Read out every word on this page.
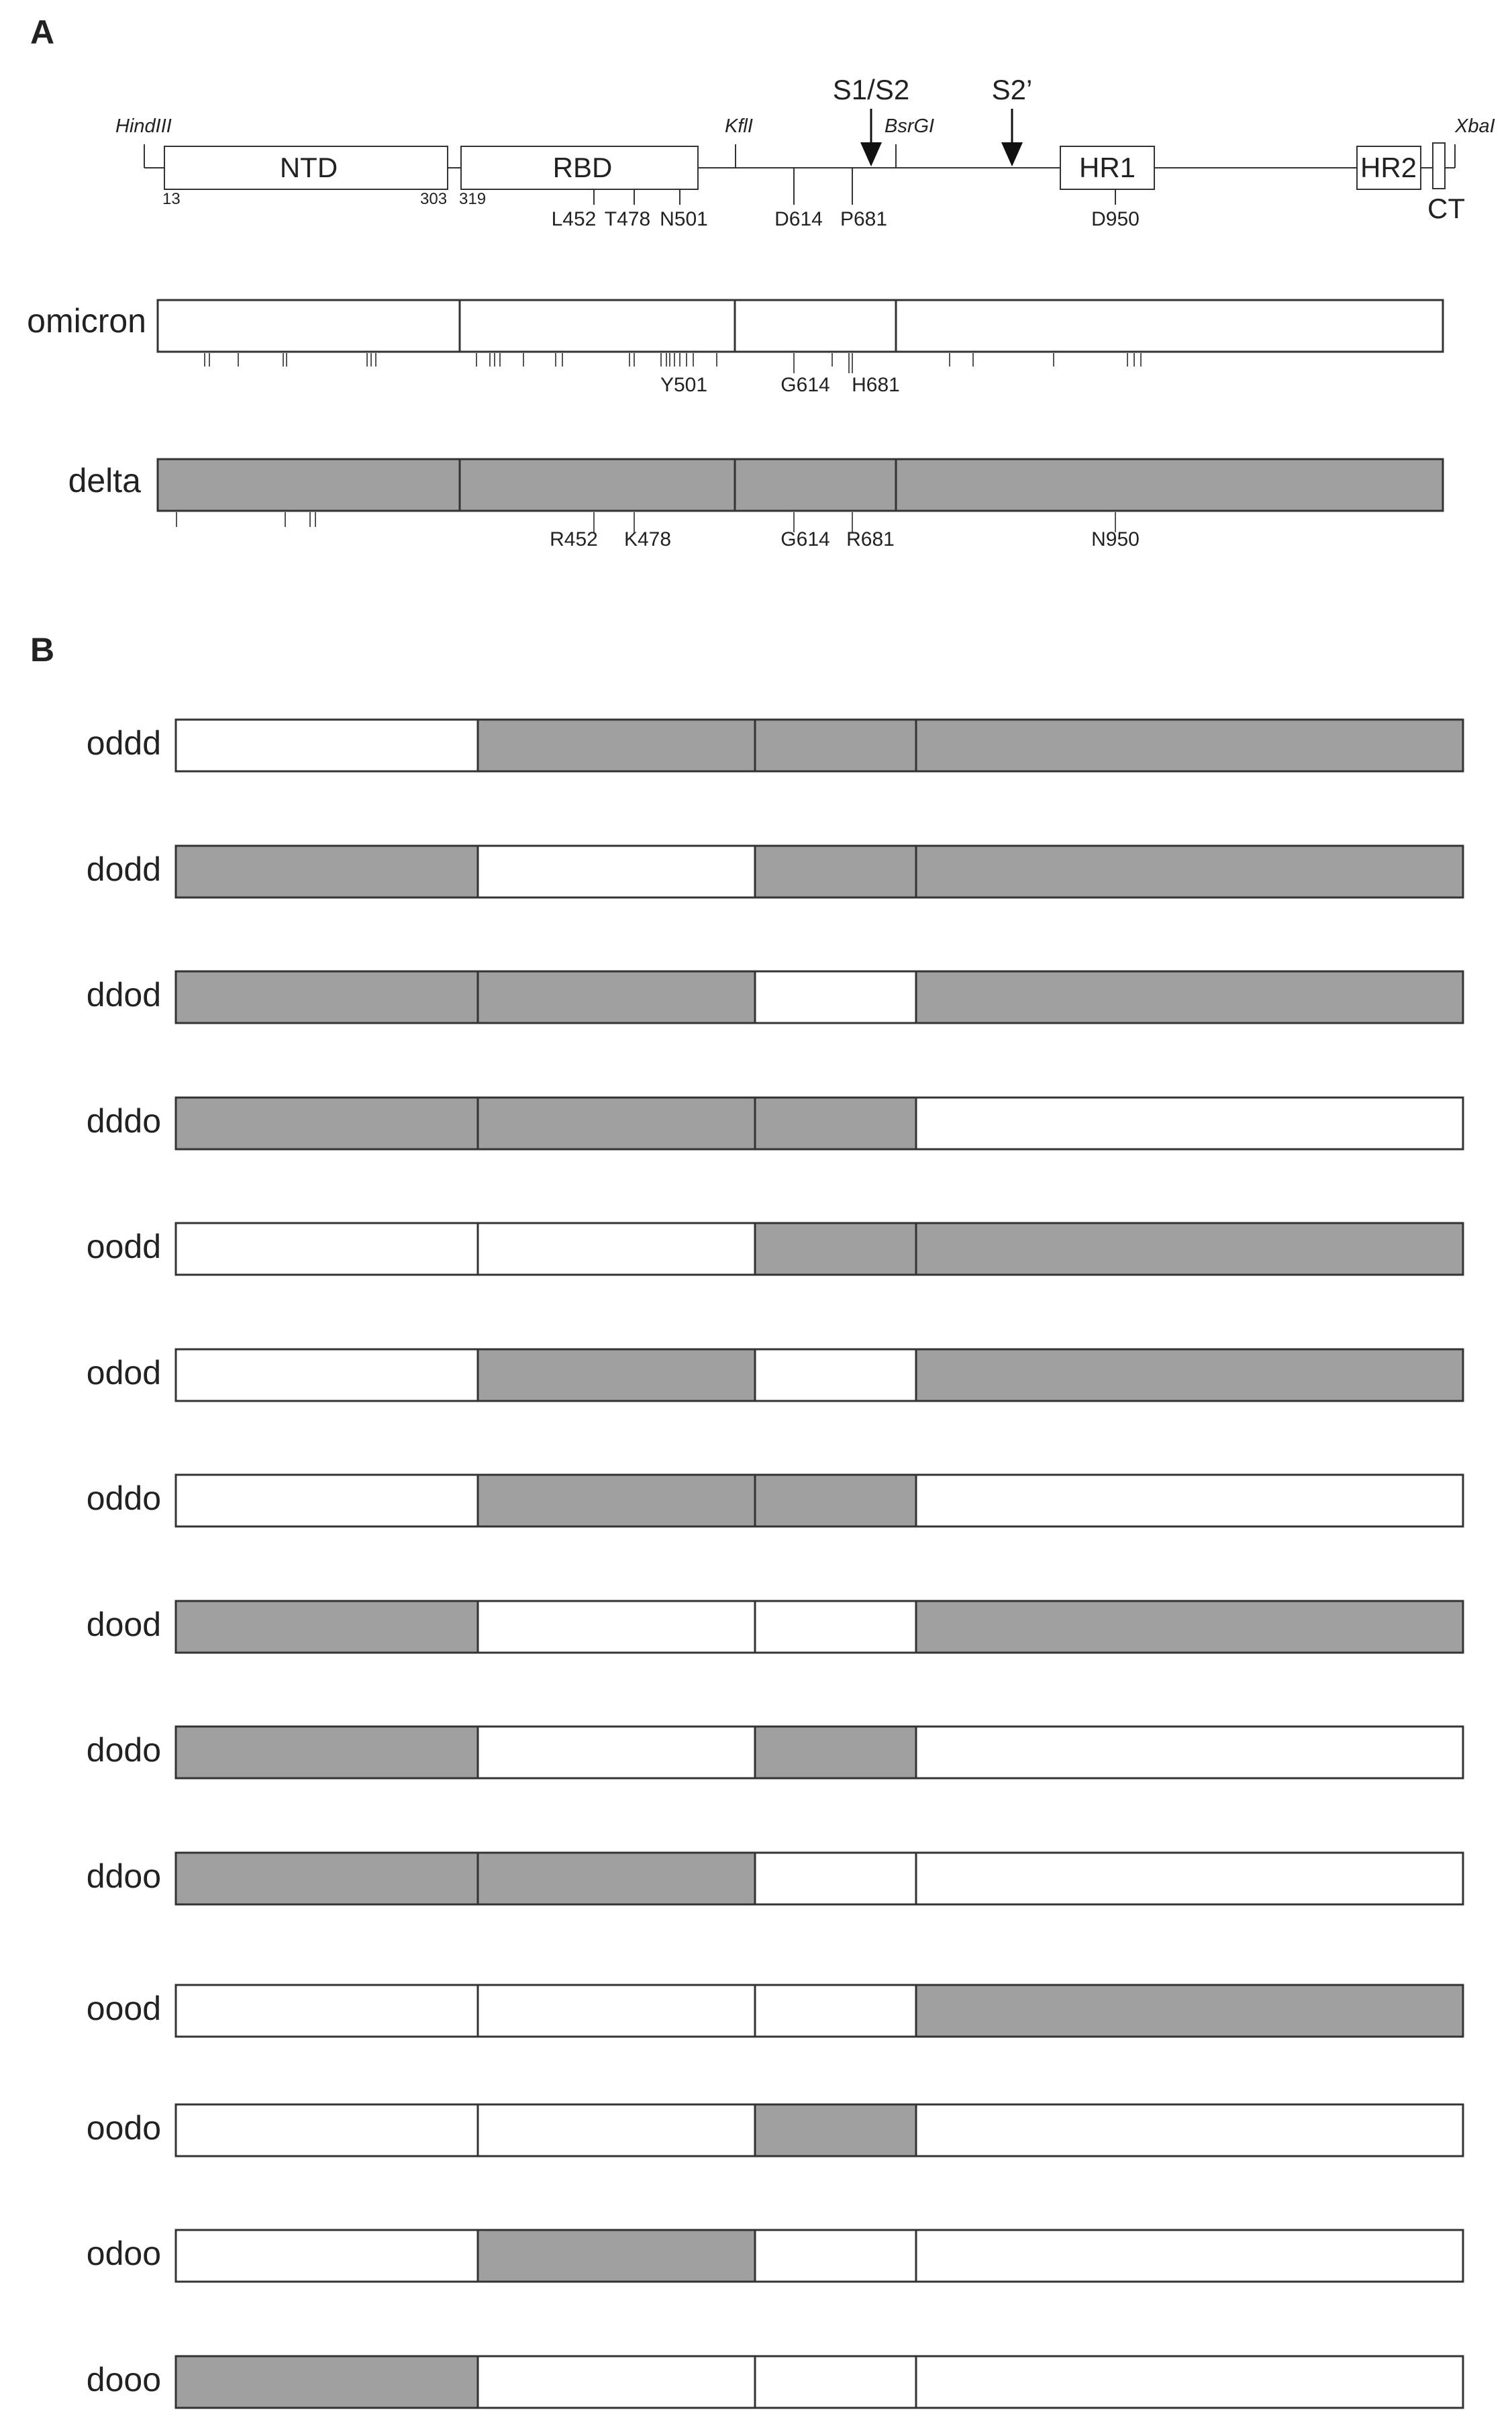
A
NTD	RBD	HR1	HR2
CT
13	303 319
HindIII	KflI	BsrGI	XbaI
S1/S2	S2’
L452 T478 N501	D614 P681	D950
omicron
Y501	G614 H681
delta
R452 K478	G614 R681	N950
B
oddd
dodd
ddod
dddo
oodd
odod
oddo
dood
dodo
ddoo
oood
oodo
odoo
dooo
